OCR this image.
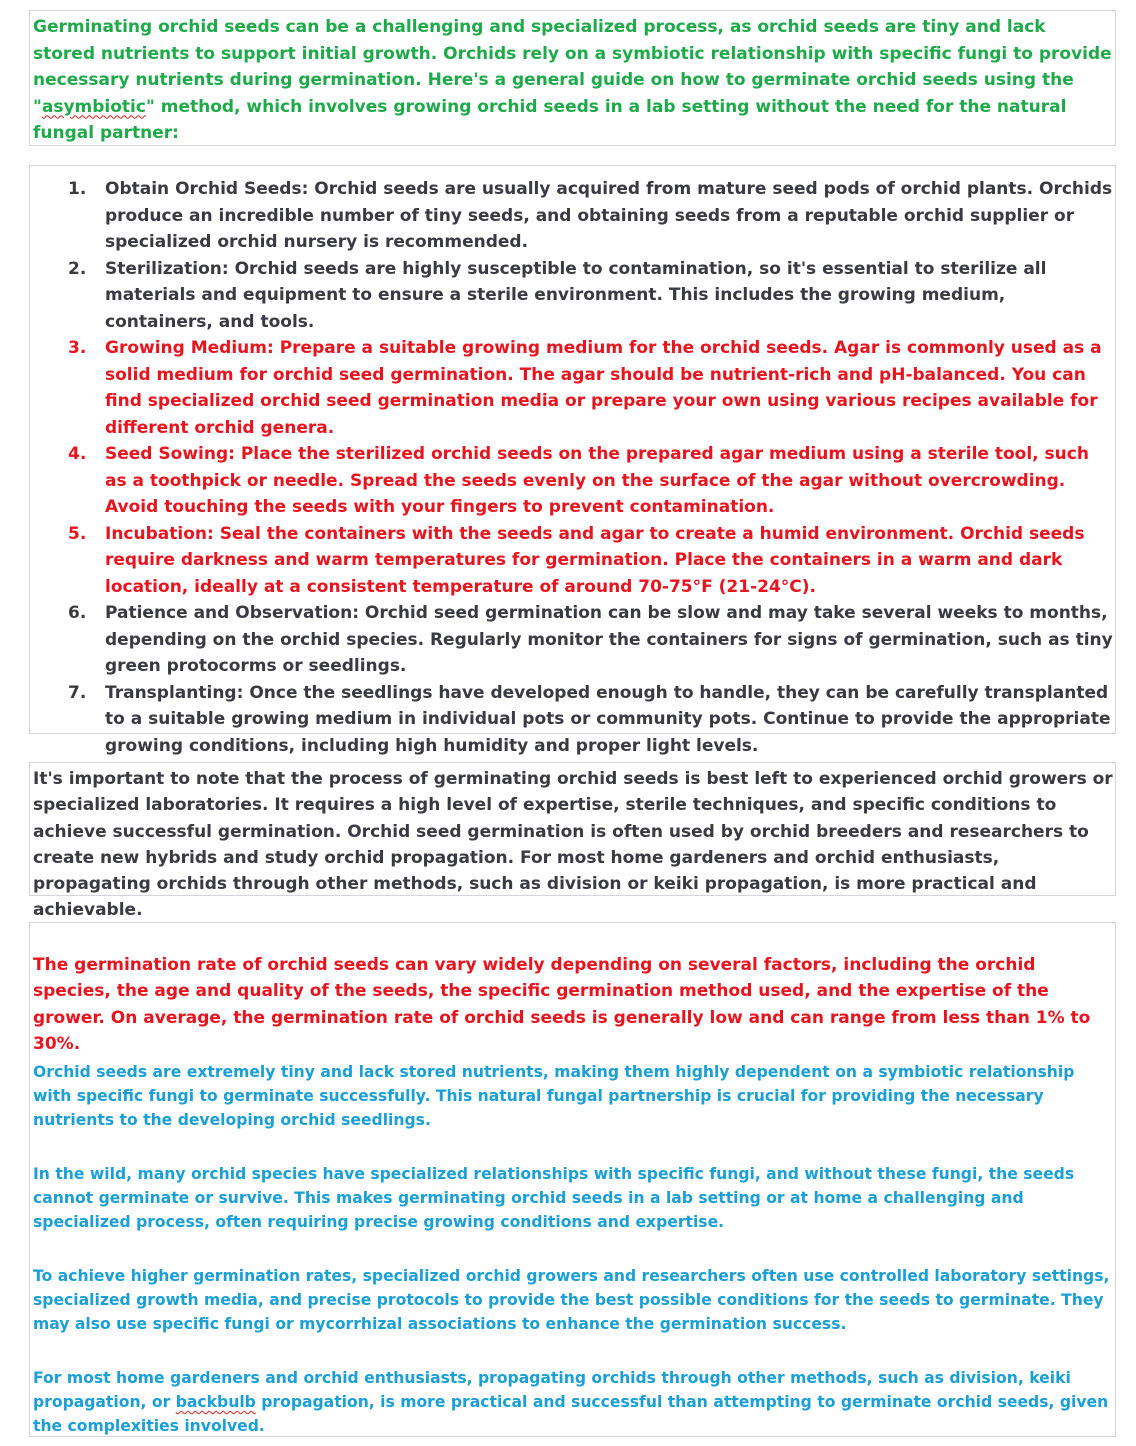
Germinating orchid seeds can be a challenging and specialized process, as orchid seeds are tiny and lack stored nutrients to support initial growth. Orchids rely on a symbiotic relationship with specific fungi to provide necessary nutrients during germination. Here's a general guide on how to germinate orchid seeds using the "asymbiotic" method, which involves growing orchid seeds in a lab setting without the need for the natural fungal partner:

1. Obtain Orchid Seeds: Orchid seeds are usually acquired from mature seed pods of orchid plants. Orchids produce an incredible number of tiny seeds, and obtaining seeds from a reputable orchid supplier or specialized orchid nursery is recommended.
2. Sterilization: Orchid seeds are highly susceptible to contamination, so it's essential to sterilize all materials and equipment to ensure a sterile environment. This includes the growing medium, containers, and tools.
3. Growing Medium: Prepare a suitable growing medium for the orchid seeds. Agar is commonly used as a solid medium for orchid seed germination. The agar should be nutrient-rich and pH-balanced. You can find specialized orchid seed germination media or prepare your own using various recipes available for different orchid genera.
4. Seed Sowing: Place the sterilized orchid seeds on the prepared agar medium using a sterile tool, such as a toothpick or needle. Spread the seeds evenly on the surface of the agar without overcrowding. Avoid touching the seeds with your fingers to prevent contamination.
5. Incubation: Seal the containers with the seeds and agar to create a humid environment. Orchid seeds require darkness and warm temperatures for germination. Place the containers in a warm and dark location, ideally at a consistent temperature of around 70-75°F (21-24°C).
6. Patience and Observation: Orchid seed germination can be slow and may take several weeks to months, depending on the orchid species. Regularly monitor the containers for signs of germination, such as tiny green protocorms or seedlings.
7. Transplanting: Once the seedlings have developed enough to handle, they can be carefully transplanted to a suitable growing medium in individual pots or community pots. Continue to provide the appropriate growing conditions, including high humidity and proper light levels.

It's important to note that the process of germinating orchid seeds is best left to experienced orchid growers or specialized laboratories. It requires a high level of expertise, sterile techniques, and specific conditions to achieve successful germination. Orchid seed germination is often used by orchid breeders and researchers to create new hybrids and study orchid propagation. For most home gardeners and orchid enthusiasts, propagating orchids through other methods, such as division or keiki propagation, is more practical and achievable.

The germination rate of orchid seeds can vary widely depending on several factors, including the orchid species, the age and quality of the seeds, the specific germination method used, and the expertise of the grower. On average, the germination rate of orchid seeds is generally low and can range from less than 1% to 30%.

Orchid seeds are extremely tiny and lack stored nutrients, making them highly dependent on a symbiotic relationship with specific fungi to germinate successfully. This natural fungal partnership is crucial for providing the necessary nutrients to the developing orchid seedlings.

In the wild, many orchid species have specialized relationships with specific fungi, and without these fungi, the seeds cannot germinate or survive. This makes germinating orchid seeds in a lab setting or at home a challenging and specialized process, often requiring precise growing conditions and expertise.

To achieve higher germination rates, specialized orchid growers and researchers often use controlled laboratory settings, specialized growth media, and precise protocols to provide the best possible conditions for the seeds to germinate. They may also use specific fungi or mycorrhizal associations to enhance the germination success.

For most home gardeners and orchid enthusiasts, propagating orchids through other methods, such as division, keiki propagation, or backbulb propagation, is more practical and successful than attempting to germinate orchid seeds, given the complexities involved.
